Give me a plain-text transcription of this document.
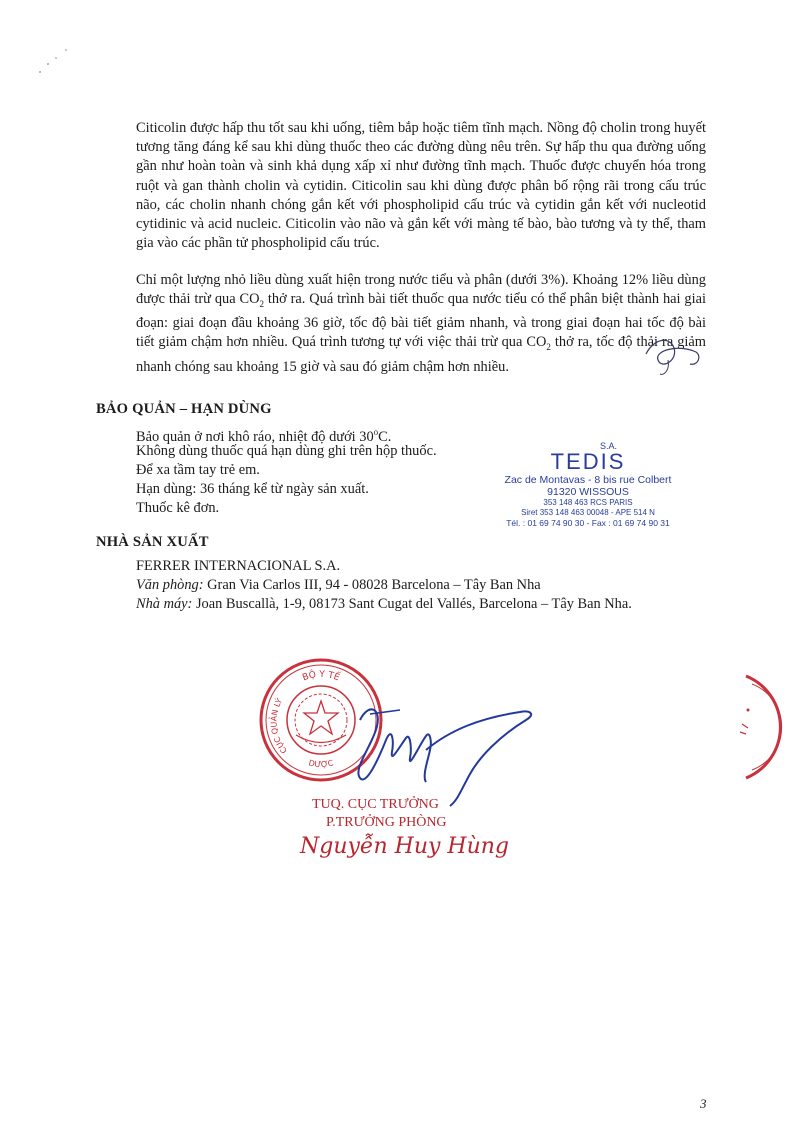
Citicolin được hấp thu tốt sau khi uống, tiêm bắp hoặc tiêm tĩnh mạch. Nồng độ cholin trong huyết tương tăng đáng kể sau khi dùng thuốc theo các đường dùng nêu trên. Sự hấp thu qua đường uống gần như hoàn toàn và sinh khả dụng xấp xỉ như đường tĩnh mạch. Thuốc được chuyển hóa trong ruột và gan thành cholin và cytidin. Citicolin sau khi dùng được phân bố rộng rãi trong cấu trúc não, các cholin nhanh chóng gắn kết với phospholipid cấu trúc và cytidin gắn kết với nucleotid cytidinic và acid nucleic. Citicolin vào não và gắn kết với màng tế bào, bào tương và ty thể, tham gia vào các phần tử phospholipid cấu trúc.

Chỉ một lượng nhỏ liều dùng xuất hiện trong nước tiểu và phân (dưới 3%). Khoảng 12% liều dùng được thải trừ qua $CO_2$ thở ra. Quá trình bài tiết thuốc qua nước tiểu có thể phân biệt thành hai giai đoạn: giai đoạn đầu khoảng 36 giờ, tốc độ bài tiết giảm nhanh, và trong giai đoạn hai tốc độ bài tiết giảm chậm hơn nhiều. Quá trình tương tự với việc thải trừ qua $CO_2$ thở ra, tốc độ thải ra giảm nhanh chóng sau khoảng 15 giờ và sau đó giảm chậm hơn nhiều.

BẢO QUẢN – HẠN DÙNG

Bảo quản ở nơi khô ráo, nhiệt độ dưới 30$^o$C.

Không dùng thuốc quá hạn dùng ghi trên hộp thuốc.

Để xa tầm tay trẻ em.

Hạn dùng: 36 tháng kể từ ngày sản xuất.

Thuốc kê đơn.

S.A.
TEDIS
Zac de Montavas - 8 bis rue Colbert
91320 WISSOUS
353 148 463 RCS PARIS
Siret 353 148 463 00048 - APE 514 N
Tél. : 01 69 74 90 30 - Fax : 01 69 74 90 31
NHÀ SẢN XUẤT

FERRER INTERNACIONAL S.A.

Văn phòng: Gran Via Carlos III, 94 - 08028 Barcelona – Tây Ban Nha

Nhà máy: Joan Buscallà, 1-9, 08173 Sant Cugat del Vallés, Barcelona – Tây Ban Nha.

BỘ Y TẾ
CỤC QUẢN LÝ
DƯỢC
TUQ. CỤC TRƯỞNG
P.TRƯỞNG PHÒNG
Nguyễn Huy Hùng
3
